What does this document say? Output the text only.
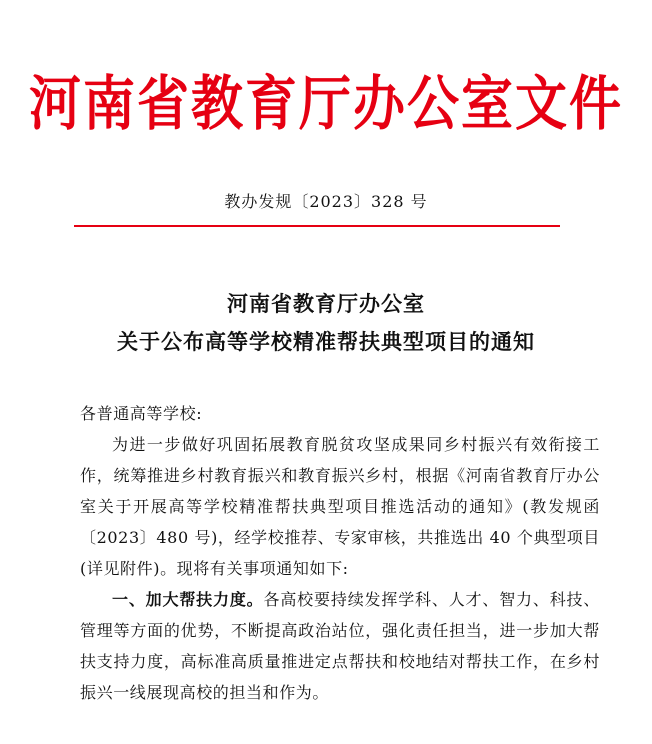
河南省教育厅办公室文件
教办发规〔2023〕328 号
河南省教育厅办公室
关于公布高等学校精准帮扶典型项目的通知

各普通高等学校:

为进一步做好巩固拓展教育脱贫攻坚成果同乡村振兴有效衔接工作，统筹推进乡村教育振兴和教育振兴乡村，根据《河南省教育厅办公室关于开展高等学校精准帮扶典型项目推选活动的通知》(教发规函〔2023〕480 号)，经学校推荐、专家审核，共推选出 40 个典型项目(详见附件)。现将有关事项通知如下:

一、加大帮扶力度。各高校要持续发挥学科、人才、智力、科技、管理等方面的优势，不断提高政治站位，强化责任担当，进一步加大帮扶支持力度，高标准高质量推进定点帮扶和校地结对帮扶工作，在乡村振兴一线展现高校的担当和作为。
